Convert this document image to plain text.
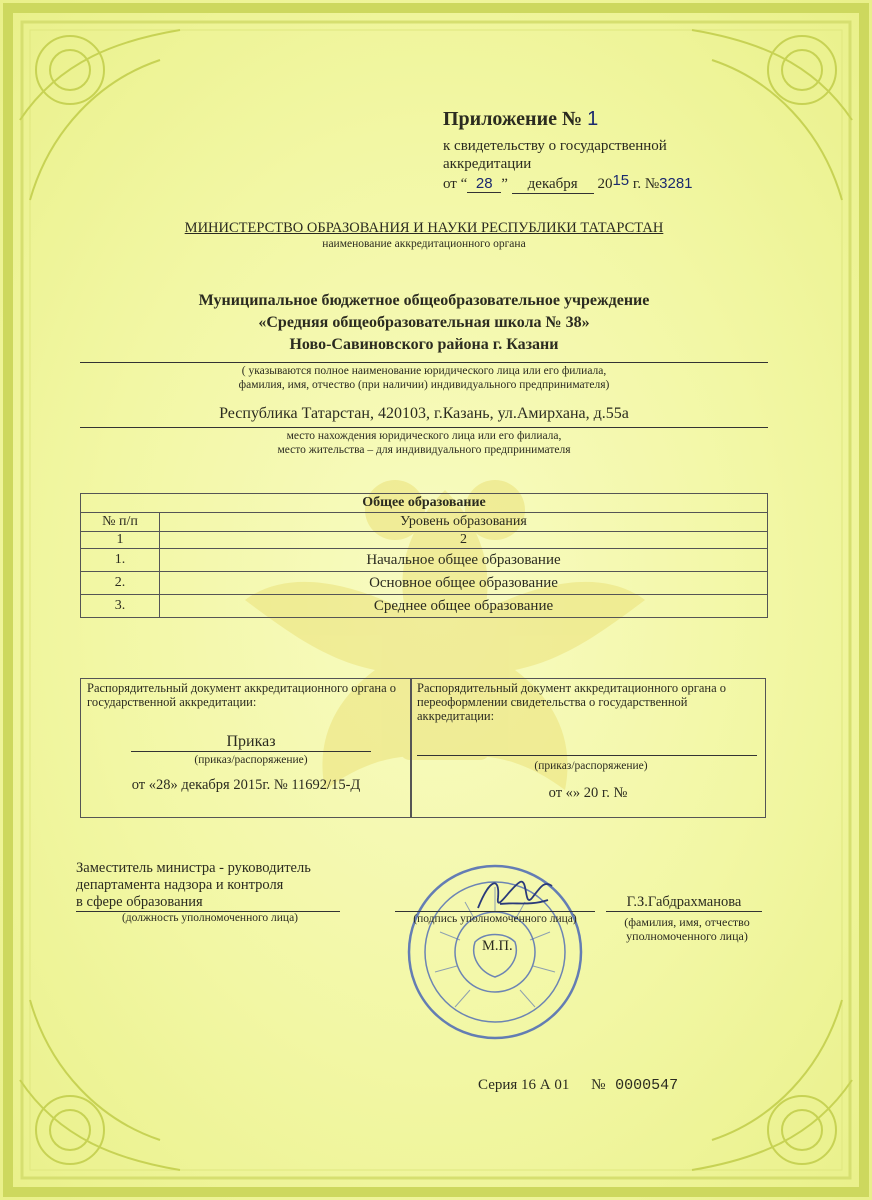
Приложение № 1
к свидетельству о государственной
аккредитации
от “ 28 ” декабря 2015 г. №3281
МИНИСТЕРСТВО ОБРАЗОВАНИЯ И НАУКИ РЕСПУБЛИКИ ТАТАРСТАН
наименование аккредитационного органа
Муниципальное бюджетное общеобразовательное учреждение
«Средняя общеобразовательная школа № 38»
Ново-Савиновского района г. Казани
( указываются полное наименование юридического лица или его филиала,
фамилия, имя, отчество (при наличии) индивидуального предпринимателя)
Республика Татарстан, 420103, г.Казань, ул.Амирхана, д.55а
место нахождения юридического лица или его филиала,
место жительства – для индивидуального предпринимателя
Общее образование	
№ п/п	Уровень образования
1	2
1.	Начальное общее образование
2.	Основное общее образование
3.	Среднее общее образование
Распорядительный документ аккредитационного органа о государственной аккредитации:
Приказ
(приказ/распоряжение)
от «28» декабря 2015г. № 11692/15-Д
Распорядительный документ аккредитационного органа о переоформлении свидетельства о государственной аккредитации:
(приказ/распоряжение)
от «» 20 г. №
Заместитель министра - руководитель
департамента надзора и контроля
в сфере образования
(должность уполномоченного лица)	(подпись уполномоченного лица)
М.П.
Г.З.Габдрахманова
(фамилия, имя, отчество
уполномоченного лица)
Серия 16 А 01 № 0000547
